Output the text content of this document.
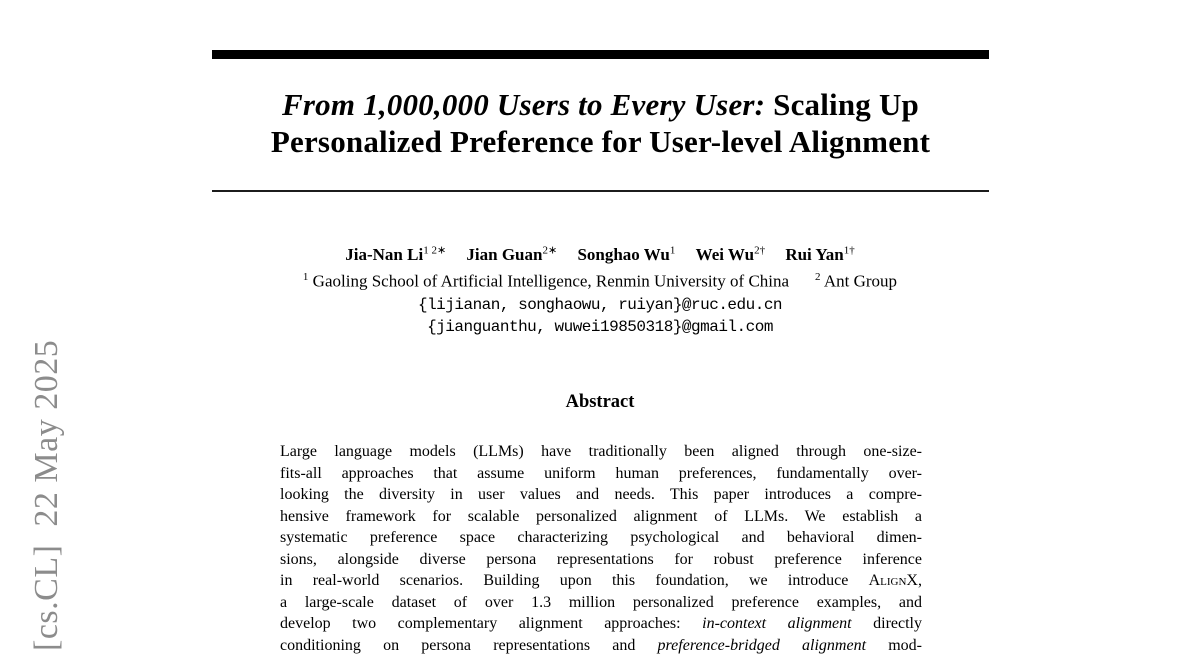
[cs.CL]  22 May 2025
From 1,000,000 Users to Every User: Scaling Up
Personalized Preference for User-level Alignment
Jia-Nan $Li^{1 2∗}$ Jian Guan$^{2∗}$ Songhao Wu$^1$ Wei $Wu^{2\dagger}$ Rui Yan$^{1\dagger}$
$^1$ Gaoling School of Artificial Intelligence, Renmin University of China $^2$ Ant Group
{lijianan, songhaowu, ruiyan}@ruc.edu.cn
{jianguanthu, wuwei19850318}@gmail.com
Abstract
Large language models (LLMs) have traditionally been aligned through one-size-
fits-all approaches that assume uniform human preferences, fundamentally over-
looking the diversity in user values and needs. This paper introduces a compre-
hensive framework for scalable personalized alignment of LLMs. We establish a
systematic preference space characterizing psychological and behavioral dimen-
sions, alongside diverse persona representations for robust preference inference
in real-world scenarios. Building upon this foundation, we introduce AlignX,
a large-scale dataset of over 1.3 million personalized preference examples, and
develop two complementary alignment approaches: in-context alignment directly
conditioning on persona representations and preference-bridged alignment mod-
